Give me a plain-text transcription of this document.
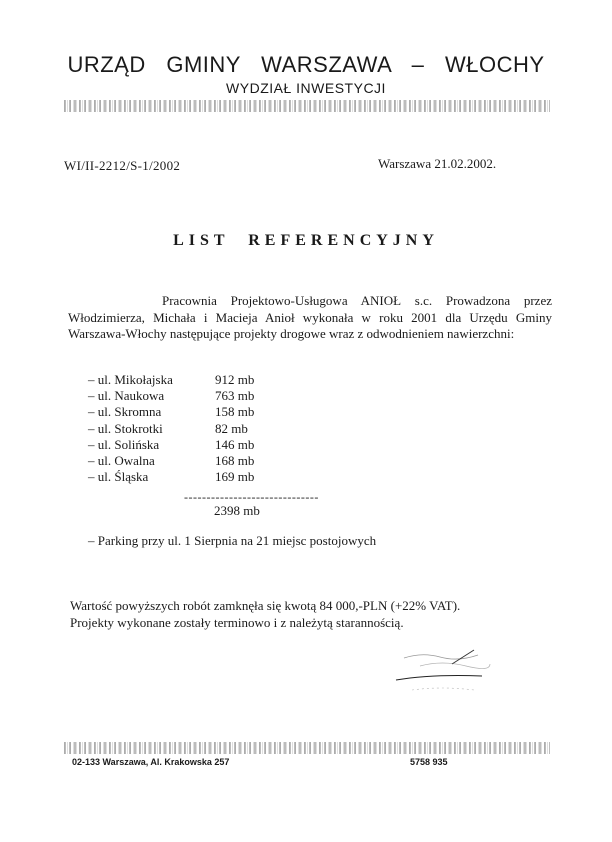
URZĄD GMINY WARSZAWA – WŁOCHY
WYDZIAŁ INWESTYCJI
WI/II-2212/S-1/2002	Warszawa 21.02.2002.
LIST REFERENCYJNY
Pracownia Projektowo-Usługowa ANIOŁ s.c. Prowadzona przez Włodzimierza, Michała i Macieja Anioł wykonała w roku 2001 dla Urzędu Gminy Warszawa-Włochy następujące projekty drogowe wraz z odwodnieniem nawierzchni:
– ul. Mikołajska	912 mb
– ul. Naukowa	763 mb
– ul. Skromna	158 mb
– ul. Stokrotki	82 mb
– ul. Solińska	146 mb
– ul. Owalna	168 mb
– ul. Śląska	169 mb
------------------------------
2398 mb
– Parking przy ul. 1 Sierpnia na 21 miejsc postojowych
Wartość powyższych robót zamknęła się kwotą 84 000,-PLN (+22% VAT).
Projekty wykonane zostały terminowo i z należytą starannością.
02-133 Warszawa, Al. Krakowska 257	5758 935
